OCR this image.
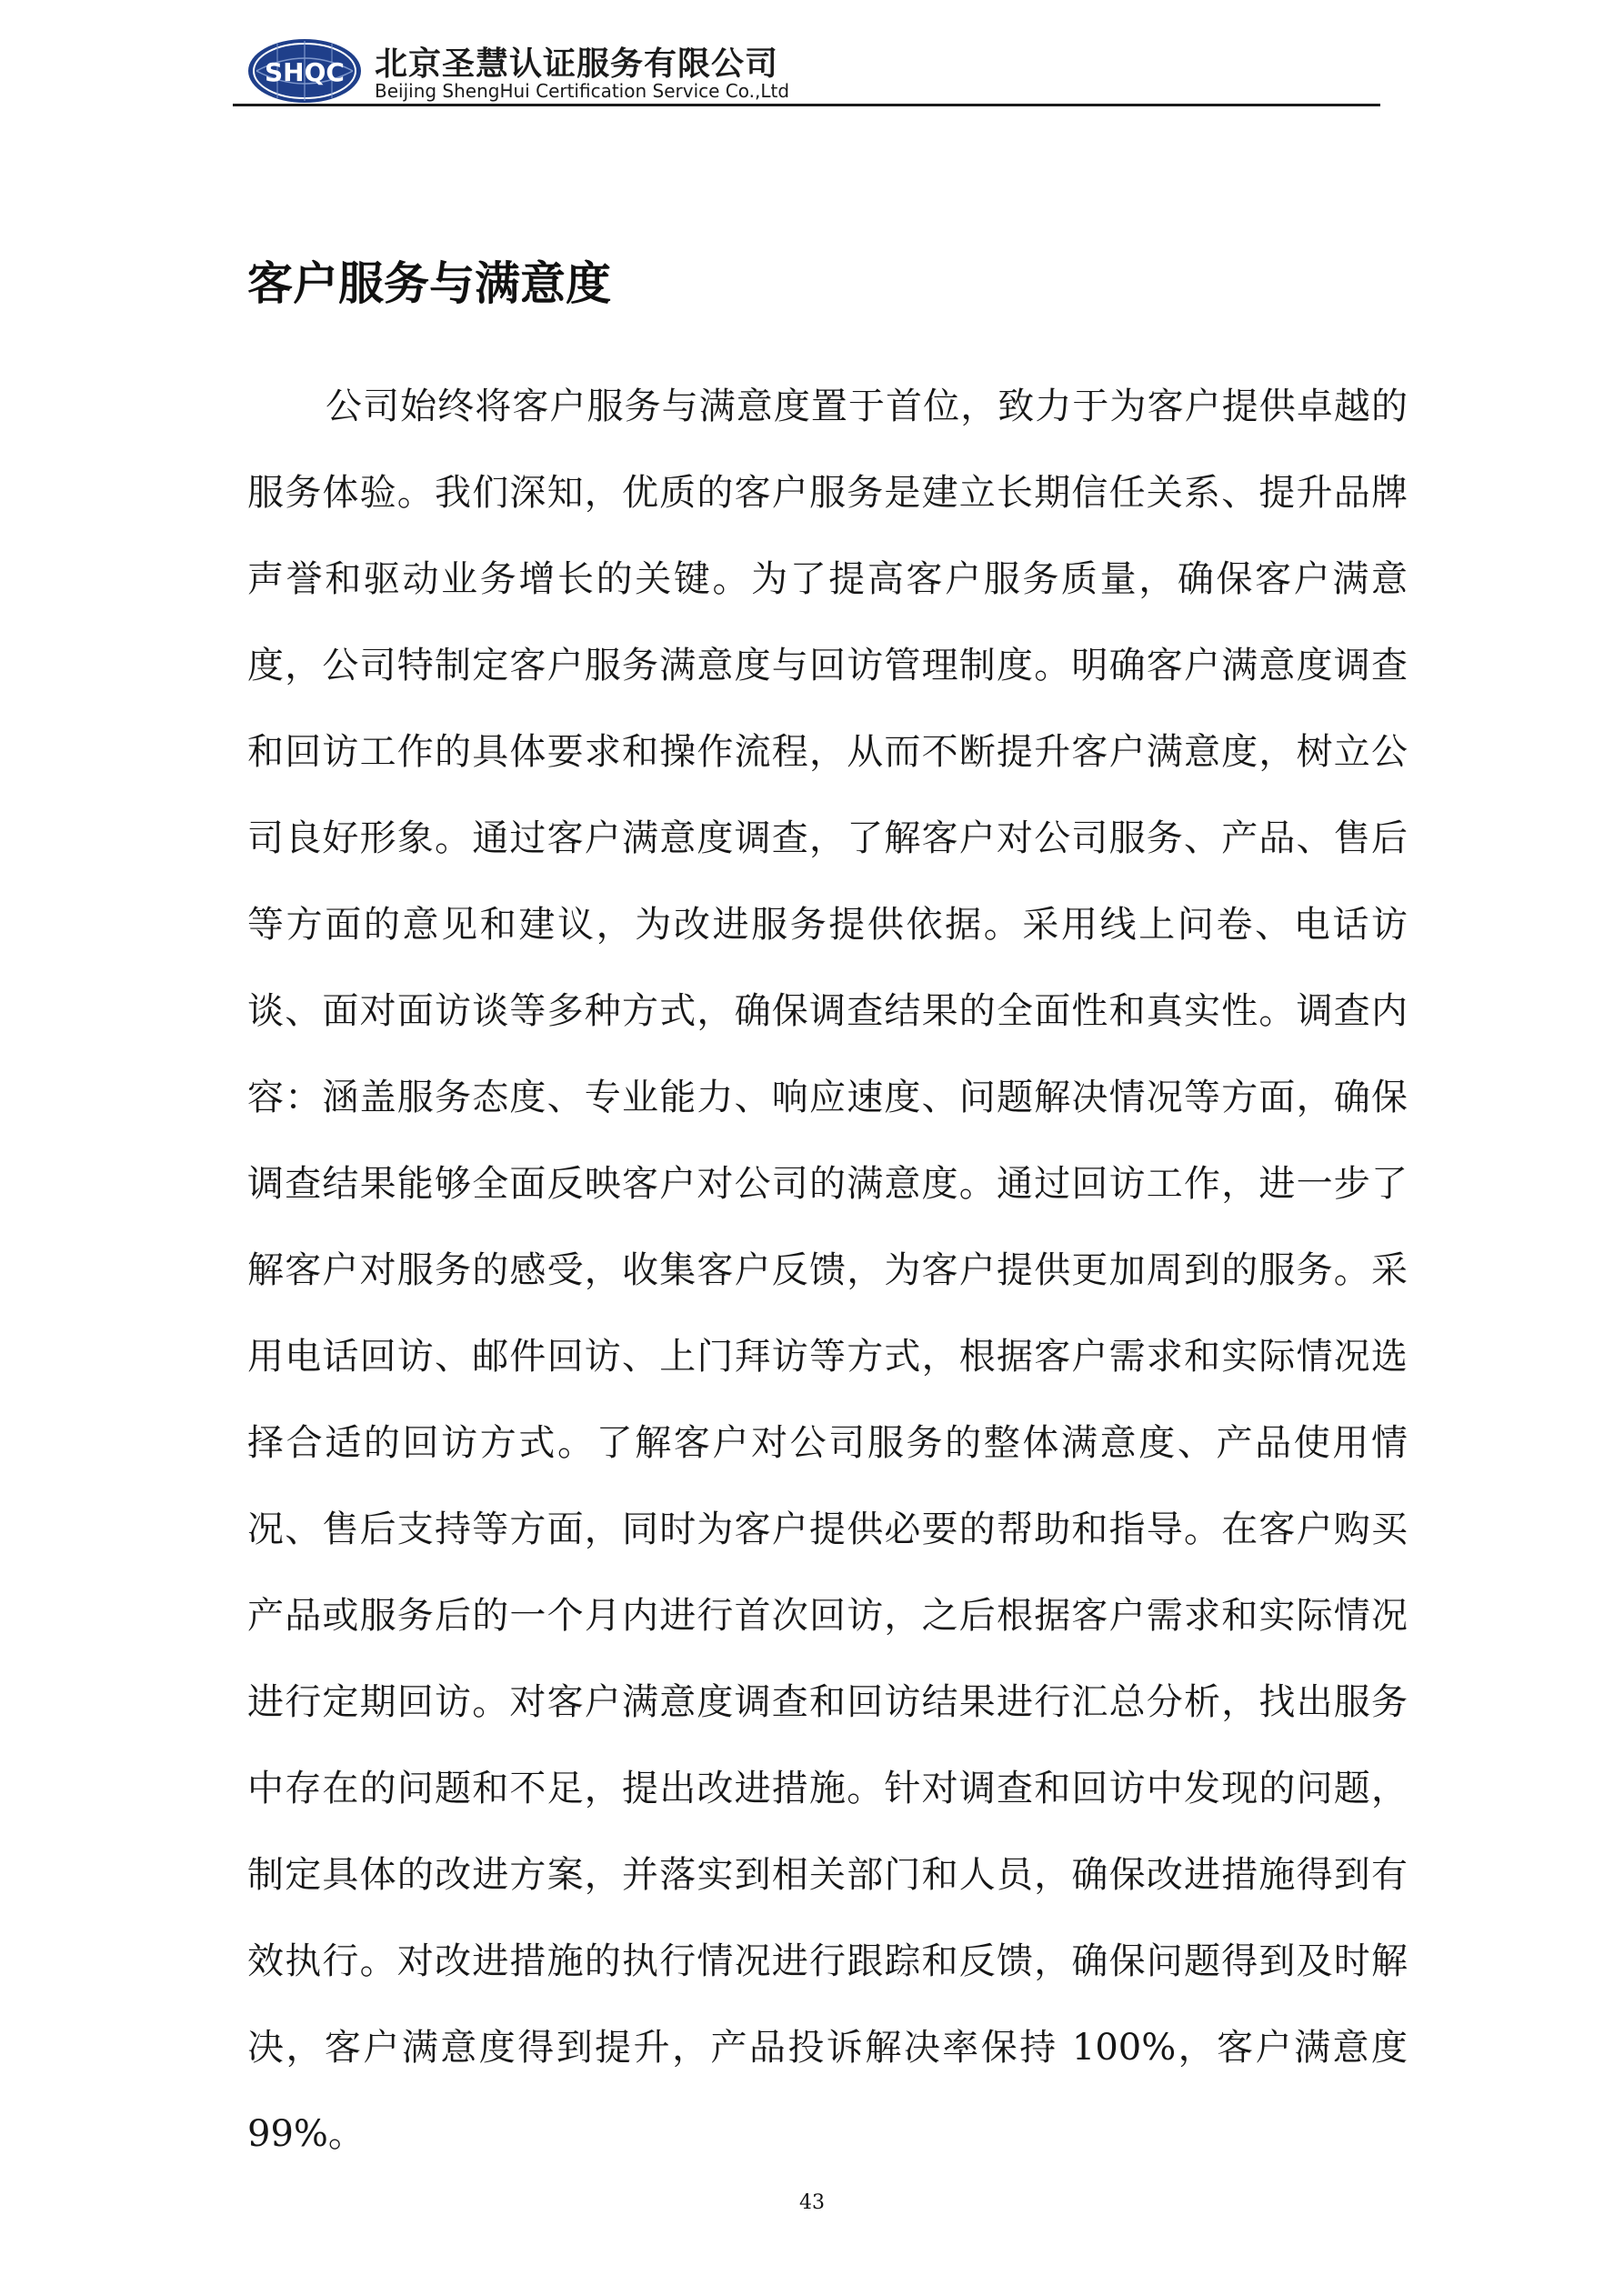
SHQC 北京圣慧认证服务有限公司
Beijing ShengHui Certification Service Co.,Ltd
客户服务与满意度

公司始终将客户服务与满意度置于首位，致力于为客户提供卓越的服务体验。我们深知，优质的客户服务是建立长期信任关系、提升品牌声誉和驱动业务增长的关键。为了提高客户服务质量，确保客户满意度，公司特制定客户服务满意度与回访管理制度。明确客户满意度调查和回访工作的具体要求和操作流程，从而不断提升客户满意度，树立公司良好形象。通过客户满意度调查，了解客户对公司服务、产品、售后等方面的意见和建议，为改进服务提供依据。采用线上问卷、电话访谈、面对面访谈等多种方式，确保调查结果的全面性和真实性。调查内容：涵盖服务态度、专业能力、响应速度、问题解决情况等方面，确保调查结果能够全面反映客户对公司的满意度。通过回访工作，进一步了解客户对服务的感受，收集客户反馈，为客户提供更加周到的服务。采用电话回访、邮件回访、上门拜访等方式，根据客户需求和实际情况选择合适的回访方式。了解客户对公司服务的整体满意度、产品使用情况、售后支持等方面，同时为客户提供必要的帮助和指导。在客户购买产品或服务后的一个月内进行首次回访，之后根据客户需求和实际情况进行定期回访。对客户满意度调查和回访结果进行汇总分析，找出服务中存在的问题和不足，提出改进措施。针对调查和回访中发现的问题，制定具体的改进方案，并落实到相关部门和人员，确保改进措施得到有效执行。对改进措施的执行情况进行跟踪和反馈，确保问题得到及时解决，客户满意度得到提升，产品投诉解决率保持 100%，客户满意度 99%。

43
